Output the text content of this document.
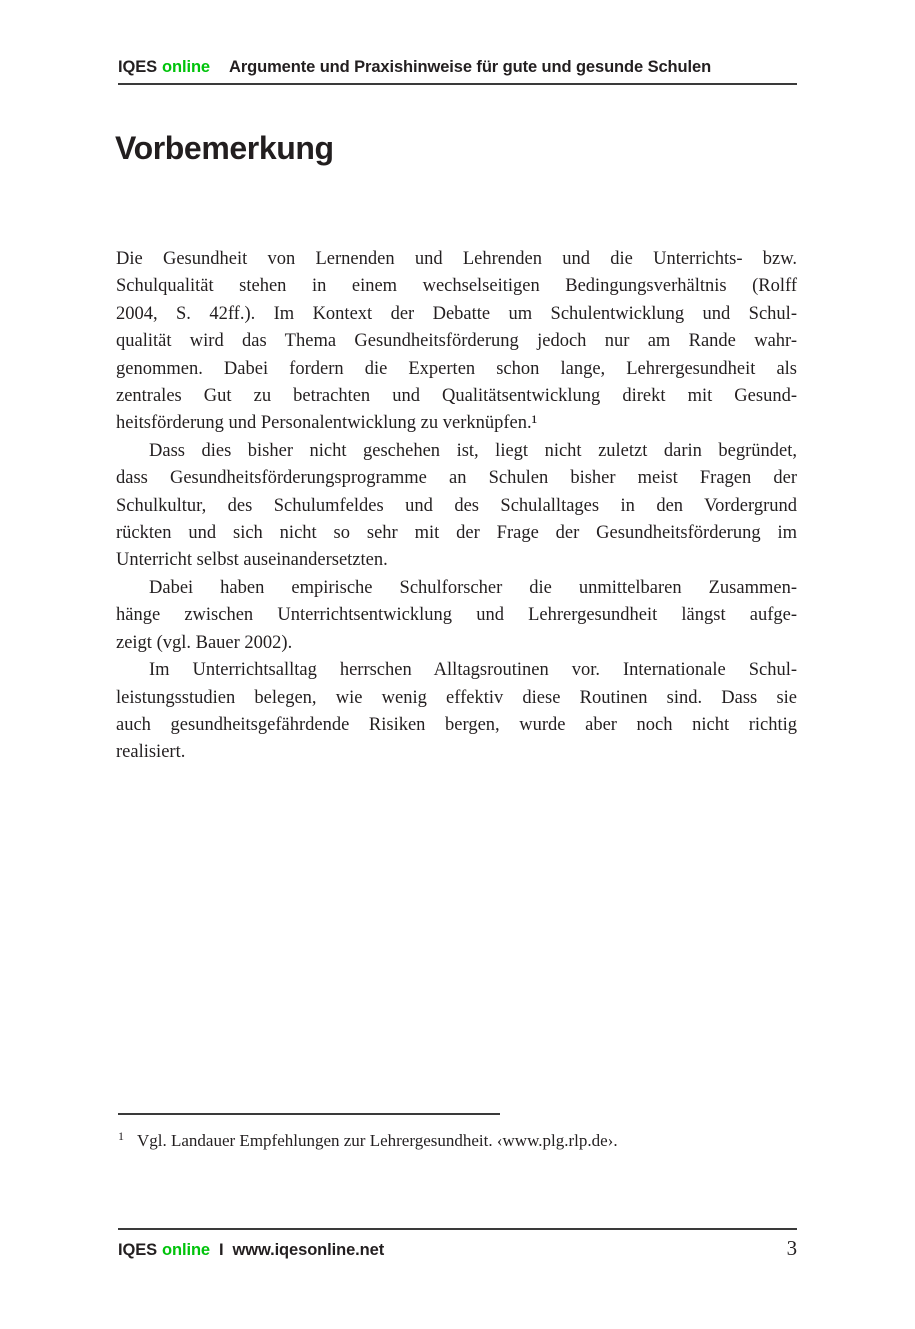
IQES online Argumente und Praxishinweise für gute und gesunde Schulen
Vorbemerkung
Die Gesundheit von Lernenden und Lehrenden und die Unterrichts- bzw.
Schulqualität stehen in einem wechselseitigen Bedingungsverhältnis (Rolff
2004, S. 42ff.). Im Kontext der Debatte um Schulentwicklung und Schul-
qualität wird das Thema Gesundheitsförderung jedoch nur am Rande wahr-
genommen. Dabei fordern die Experten schon lange, Lehrergesundheit als
zentrales Gut zu betrachten und Qualitätsentwicklung direkt mit Gesund-
heitsförderung und Personalentwicklung zu verknüpfen.¹
Dass dies bisher nicht geschehen ist, liegt nicht zuletzt darin begründet,
dass Gesundheitsförderungsprogramme an Schulen bisher meist Fragen der
Schulkultur, des Schulumfeldes und des Schulalltages in den Vordergrund
rückten und sich nicht so sehr mit der Frage der Gesundheitsförderung im
Unterricht selbst auseinandersetzten.
Dabei haben empirische Schulforscher die unmittelbaren Zusammen-
hänge zwischen Unterrichtsentwicklung und Lehrergesundheit längst aufge-
zeigt (vgl. Bauer 2002).
Im Unterrichtsalltag herrschen Alltagsroutinen vor. Internationale Schul-
leistungsstudien belegen, wie wenig effektiv diese Routinen sind. Dass sie
auch gesundheitsgefährdende Risiken bergen, wurde aber noch nicht richtig
realisiert.
$^1$ Vgl. Landauer Empfehlungen zur Lehrergesundheit. ‹www.plg.rlp.de›.
IQES online I www.iqesonline.net	3
